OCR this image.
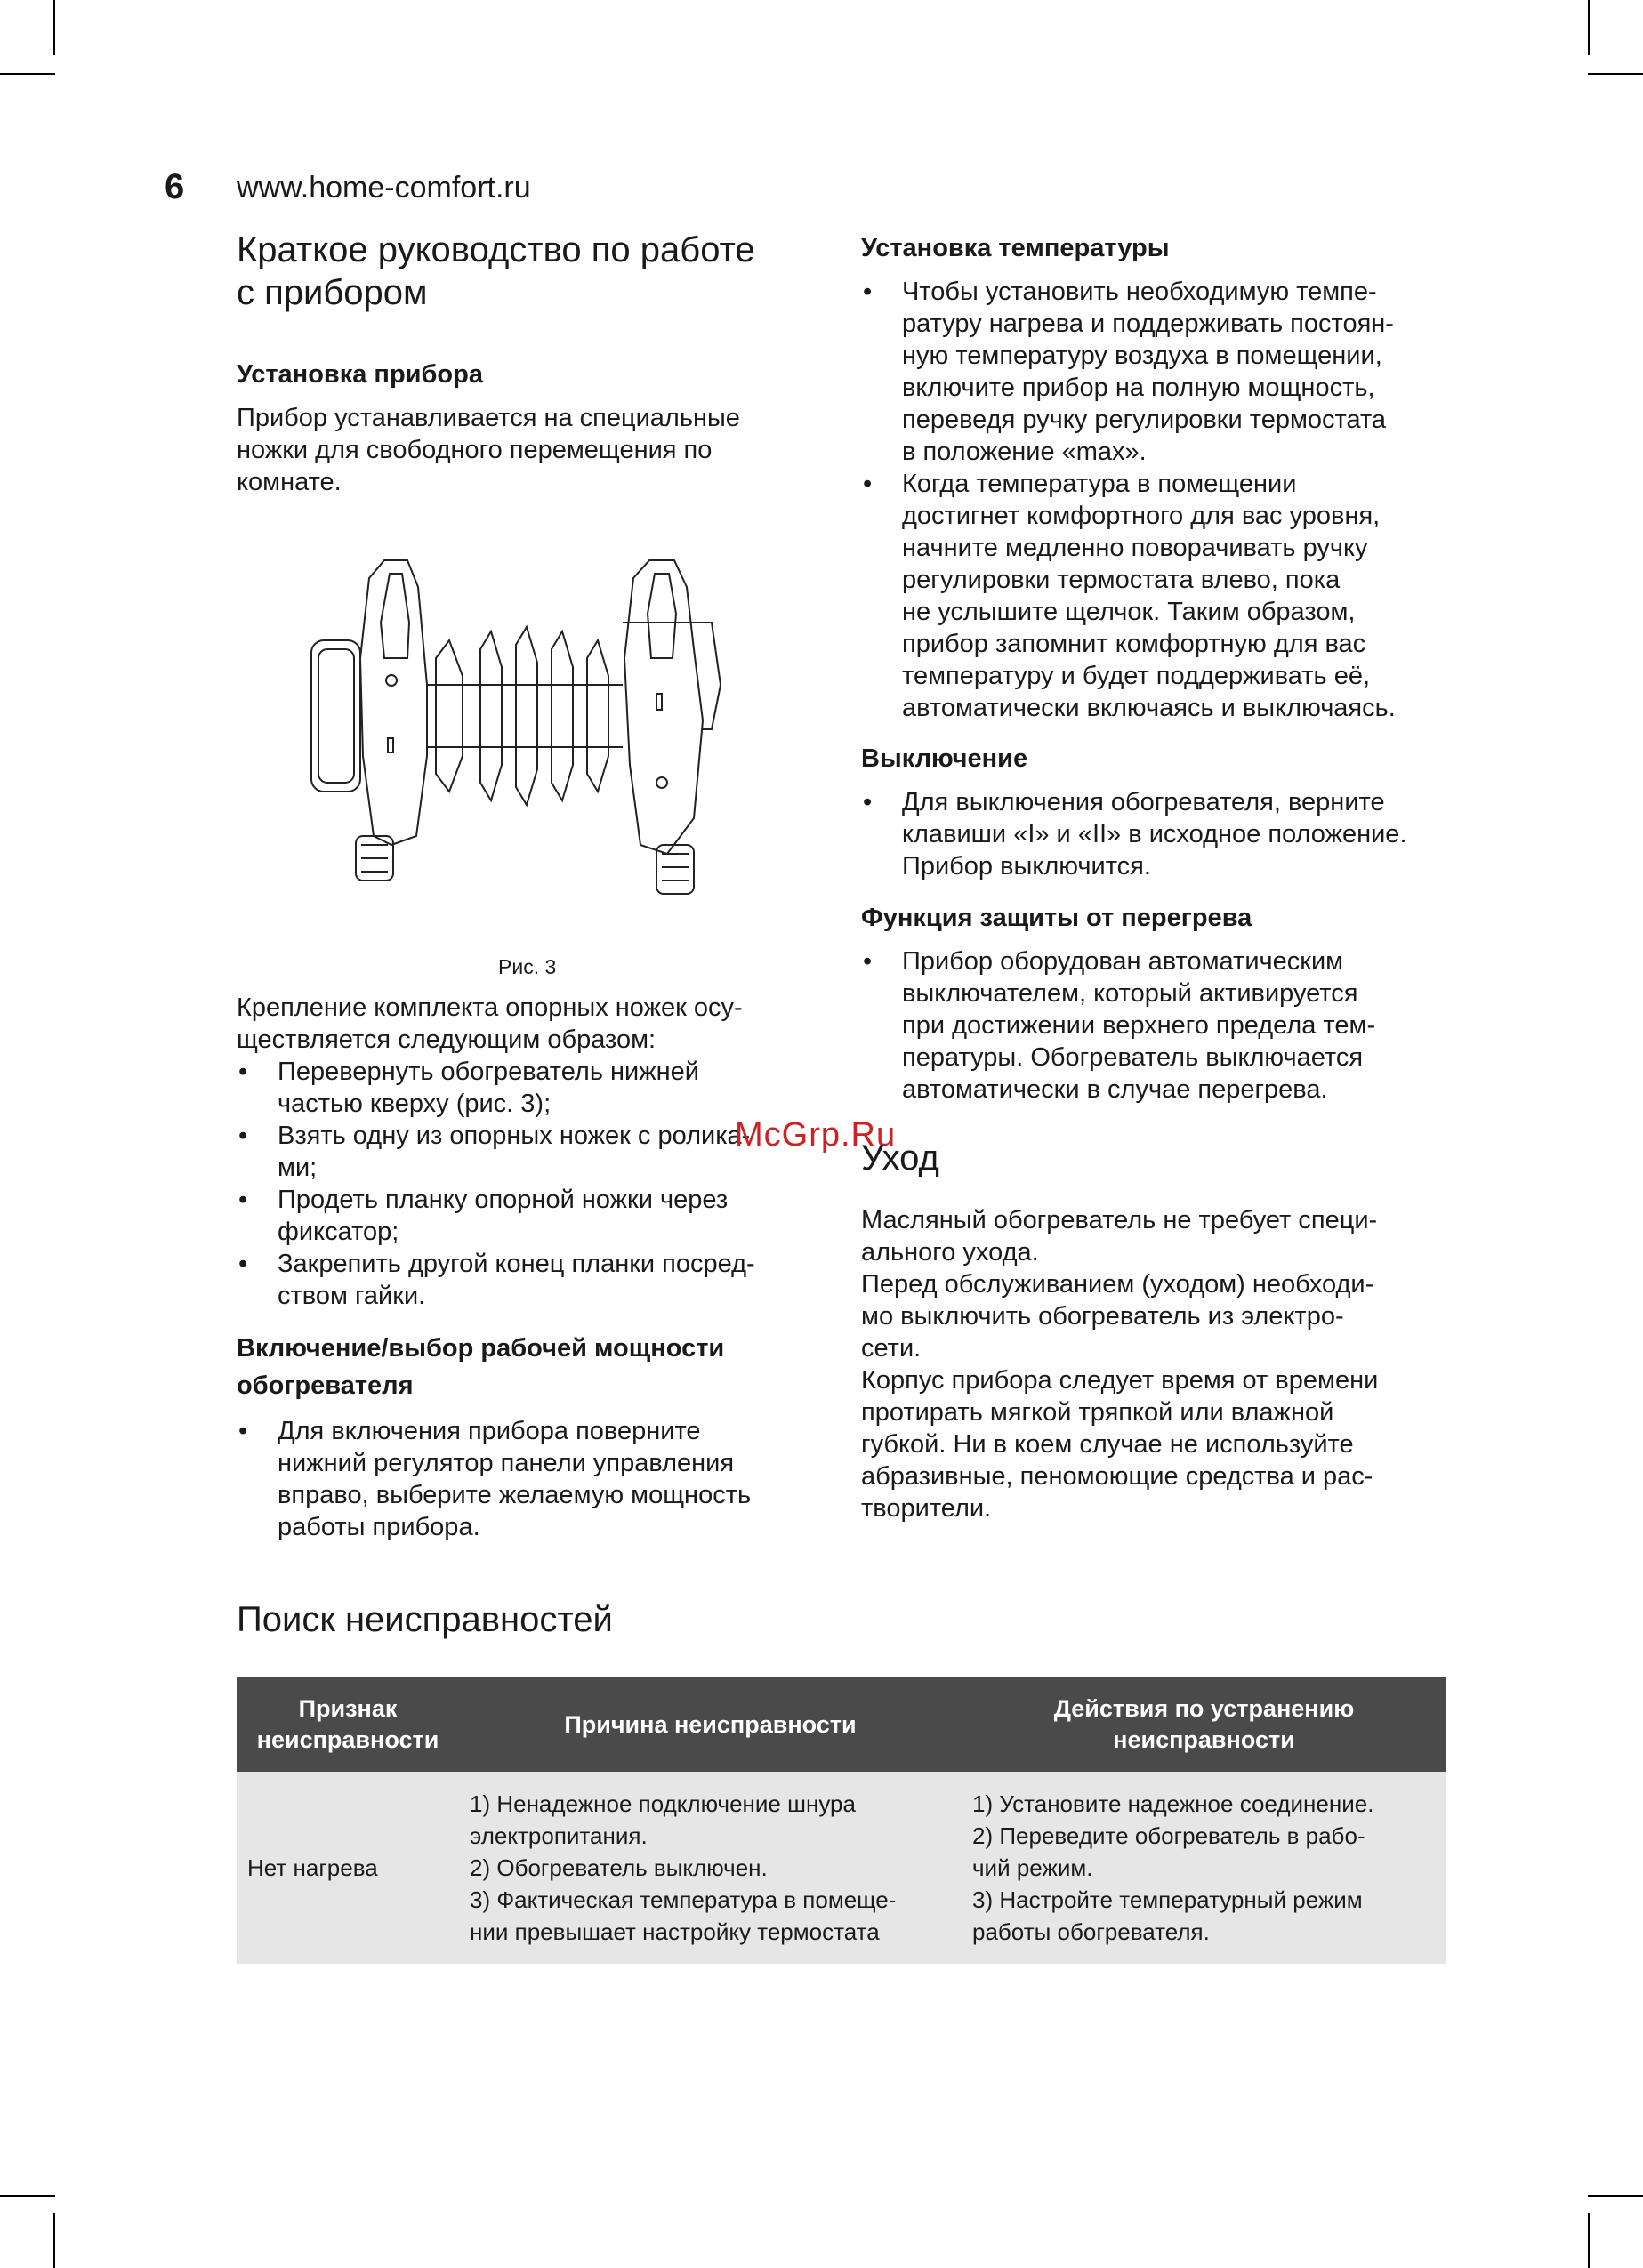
6 www.home-comfort.ru
Краткое руководство по работе
с прибором
Установка прибора
Прибор устанавливается на специальные
ножки для свободного перемещения по
комнате.
Рис. 3
Крепление комплекта опорных ножек осу-
ществляется следующим образом:
• Перевернуть обогреватель нижней
частью кверху (рис. 3);
• Взять одну из опорных ножек с ролика-
ми;
• Продеть планку опорной ножки через
фиксатор;
• Закрепить другой конец планки посред-
ством гайки.
Включение/выбор рабочей мощности
обогревателя
• Для включения прибора поверните
нижний регулятор панели управления
вправо, выберите желаемую мощность
работы прибора.
Установка температуры
• Чтобы установить необходимую темпе-
ратуру нагрева и поддерживать постоян-
ную температуру воздуха в помещении,
включите прибор на полную мощность,
переведя ручку регулировки термостата
в положение «max».
• Когда температура в помещении
достигнет комфортного для вас уровня,
начните медленно поворачивать ручку
регулировки термостата влево, пока
не услышите щелчок. Таким образом,
прибор запомнит комфортную для вас
температуру и будет поддерживать её,
автоматически включаясь и выключаясь.
Выключение
• Для выключения обогревателя, верните
клавиши «I» и «II» в исходное положение.
Прибор выключится.
Функция защиты от перегрева
• Прибор оборудован автоматическим
выключателем, который активируется
при достижении верхнего предела тем-
пературы. Обогреватель выключается
автоматически в случае перегрева.
McGrp.Ru
Уход
Масляный обогреватель не требует специ-
ального ухода.
Перед обслуживанием (уходом) необходи-
мо выключить обогреватель из электро-
сети.
Корпус прибора следует время от времени
протирать мягкой тряпкой или влажной
губкой. Ни в коем случае не используйте
абразивные, пеномоющие средства и рас-
творители.
Поиск неисправностей
Признак
неисправности	Причина неисправности	Действия по устранению
неисправности
Нет нагрева	1) Ненадежное подключение шнура
электропитания.
2) Обогреватель выключен.
3) Фактическая температура в помеще-
нии превышает настройку термостата	1) Установите надежное соединение.
2) Переведите обогреватель в рабо-
чий режим.
3) Настройте температурный режим
работы обогревателя.
